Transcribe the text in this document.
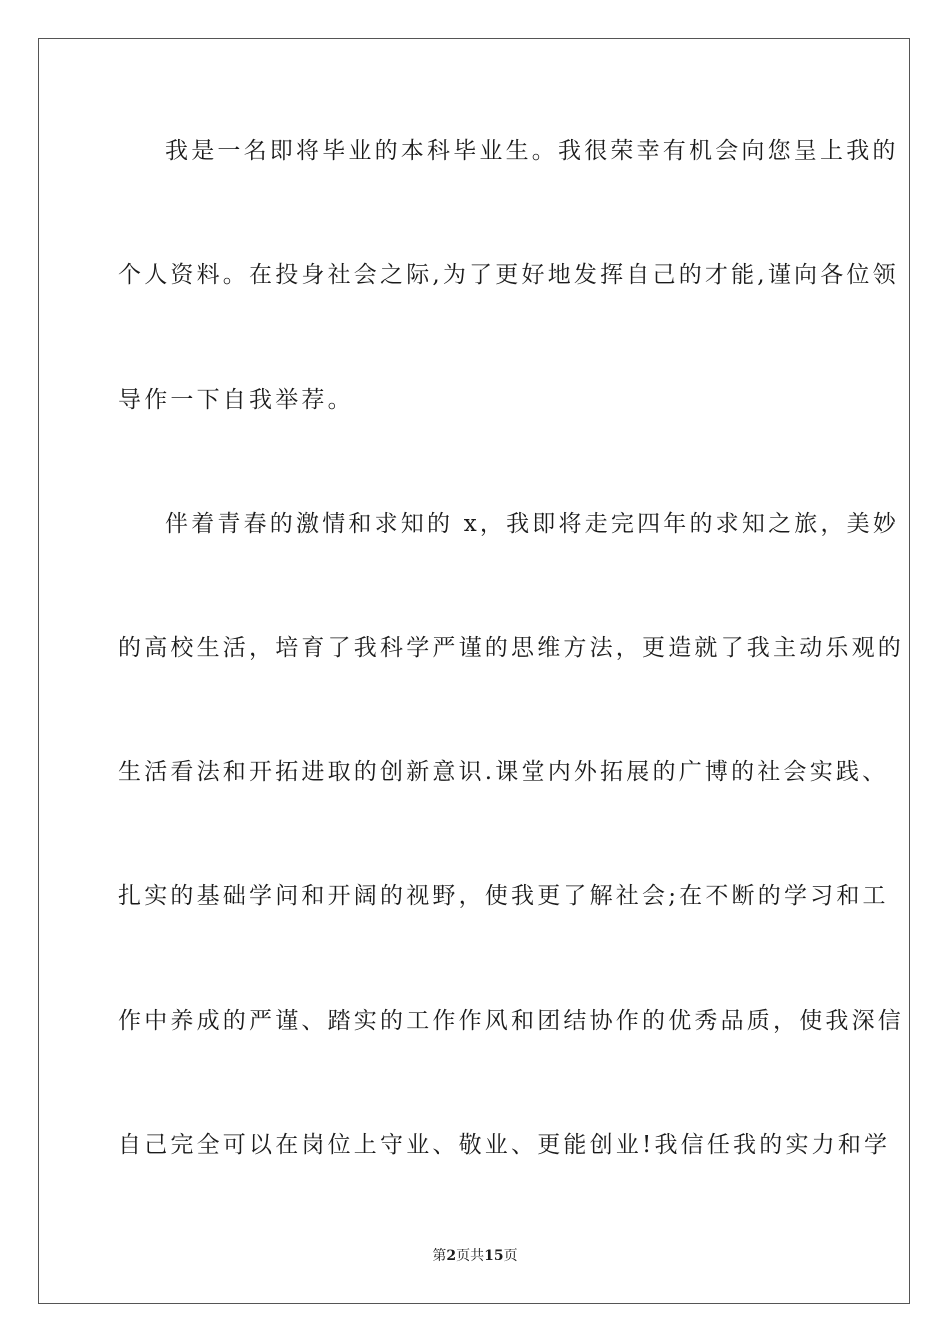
我是一名即将毕业的本科毕业生。我很荣幸有机会向您呈上我的
个人资料。在投身社会之际,为了更好地发挥自己的才能,谨向各位领
导作一下自我举荐。
伴着青春的激情和求知的 x，我即将走完四年的求知之旅，美妙
的高校生活，培育了我科学严谨的思维方法，更造就了我主动乐观的
生活看法和开拓进取的创新意识.课堂内外拓展的广博的社会实践、
扎实的基础学问和开阔的视野，使我更了解社会;在不断的学习和工
作中养成的严谨、踏实的工作作风和团结协作的优秀品质，使我深信
自己完全可以在岗位上守业、敬业、更能创业!我信任我的实力和学
第2页共15页
